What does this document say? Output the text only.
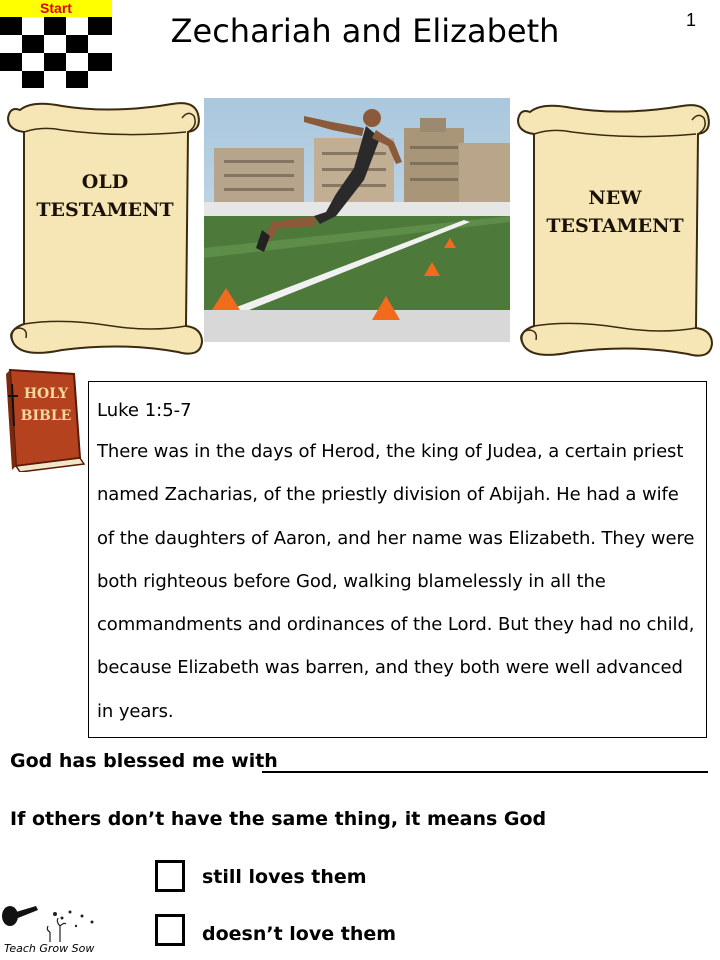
Start
Zechariah and Elizabeth	1
OLD
TESTAMENT
NEW
TESTAMENT
HOLY
BIBLE Luke 1:5-7
There was in the days of Herod, the king of Judea, a certain priest named Zacharias, of the priestly division of Abijah. He had a wife of the daughters of Aaron, and her name was Elizabeth. They were both righteous before God, walking blamelessly in all the commandments and ordinances of the Lord. But they had no child, because Elizabeth was barren, and they both were well advanced in years.
God has blessed me with
If others don’t have the same thing, it means God
still loves them
doesn’t love them
Teach Grow Sow
